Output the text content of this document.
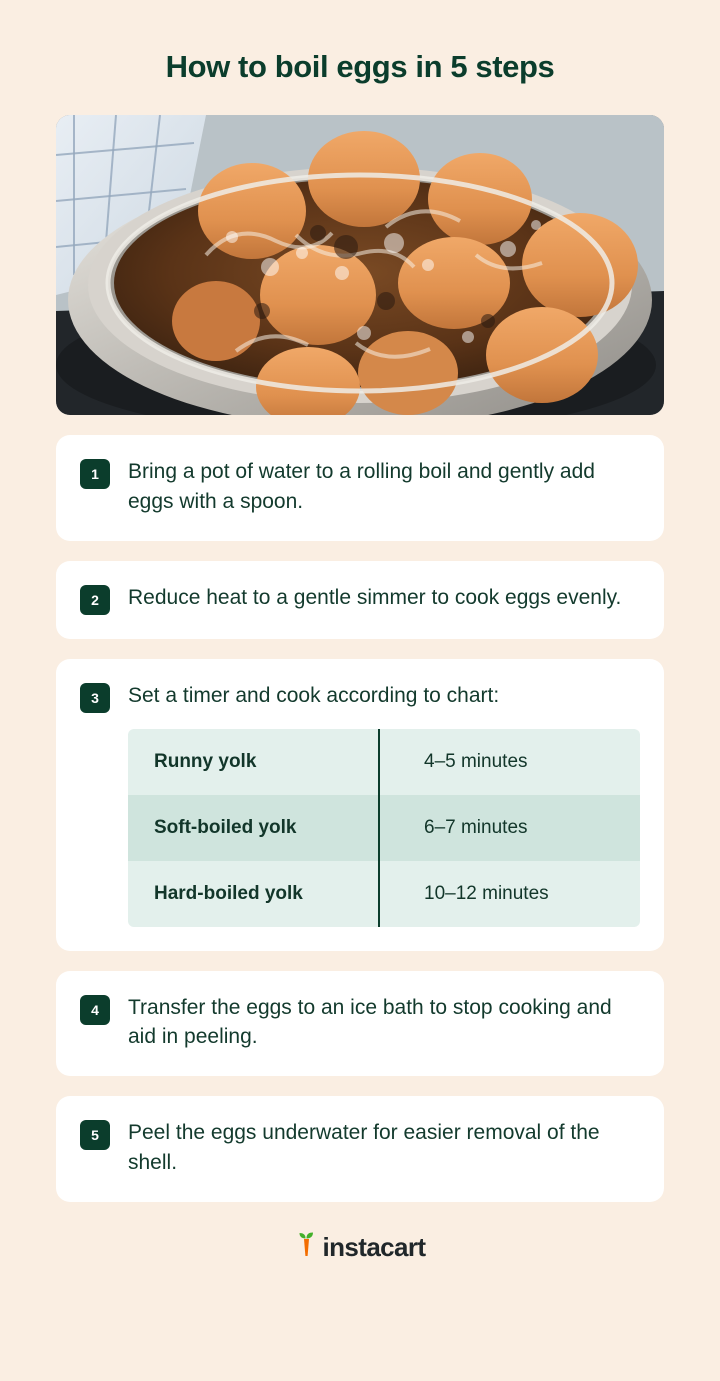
How to boil eggs in 5 steps
1	Bring a pot of water to a rolling boil and gently add eggs with a spoon.

2	Reduce heat to a gentle simmer to cook eggs evenly.

3	Set a timer and cook according to chart:

Runny yolk	4–5 minutes
Soft-boiled yolk	6–7 minutes
Hard-boiled yolk	10–12 minutes
4	Transfer the eggs to an ice bath to stop cooking and aid in peeling.

5	Peel the eggs underwater for easier removal of the shell.

instacart
